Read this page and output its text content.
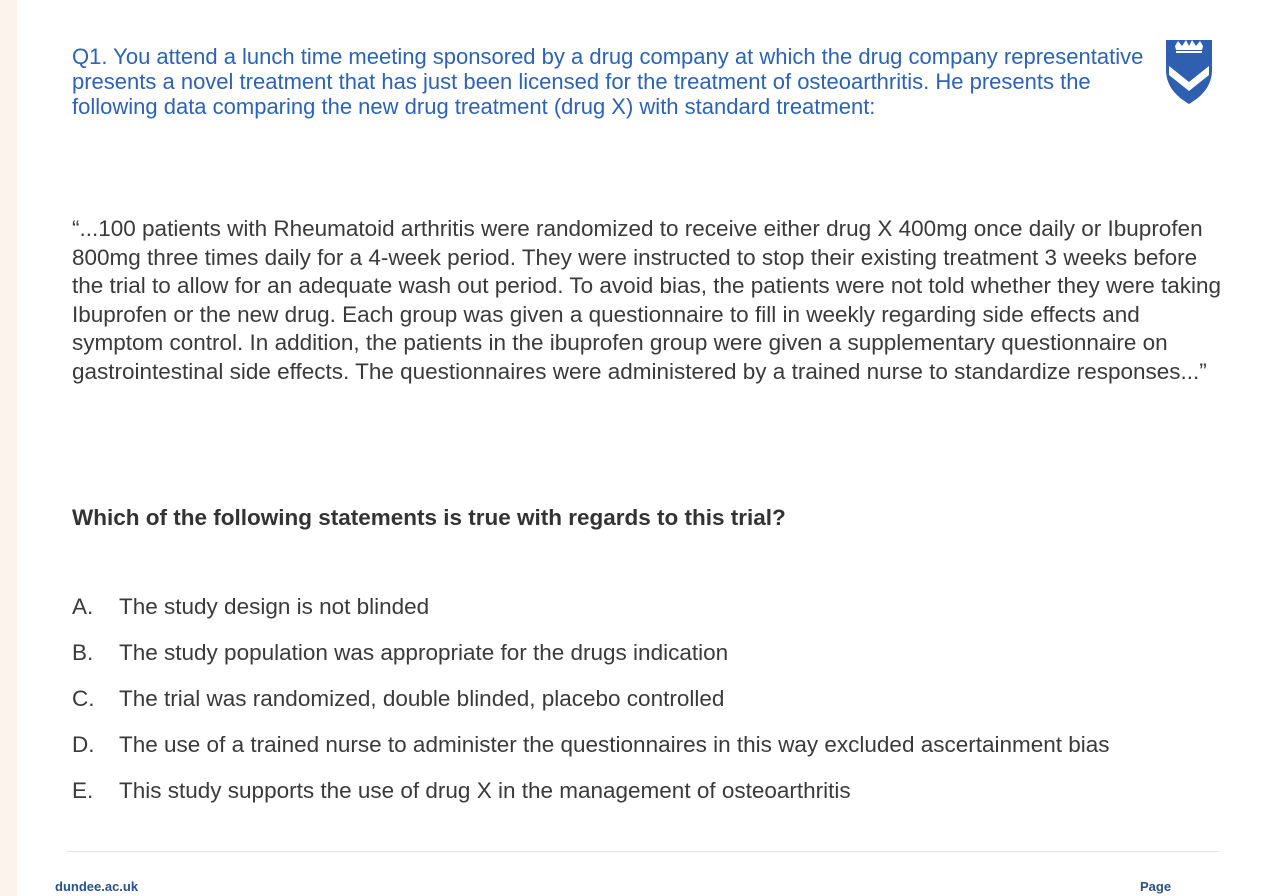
Q1. You attend a lunch time meeting sponsored by a drug company at which the drug company representative presents a novel treatment that has just been licensed for the treatment of osteoarthritis. He presents the following data comparing the new drug treatment (drug X) with standard treatment:
“...100 patients with Rheumatoid arthritis were randomized to receive either drug X 400mg once daily or Ibuprofen 800mg three times daily for a 4-week period. They were instructed to stop their existing treatment 3 weeks before the trial to allow for an adequate wash out period. To avoid bias, the patients were not told whether they were taking Ibuprofen or the new drug. Each group was given a questionnaire to fill in weekly regarding side effects and symptom control. In addition, the patients in the ibuprofen group were given a supplementary questionnaire on gastrointestinal side effects. The questionnaires were administered by a trained nurse to standardize responses...”
Which of the following statements is true with regards to this trial?
A.	The study design is not blinded
B.	The study population was appropriate for the drugs indication
C.	The trial was randomized, double blinded, placebo controlled
D.	The use of a trained nurse to administer the questionnaires in this way excluded ascertainment bias
E.	This study supports the use of drug X in the management of osteoarthritis
dundee.ac.uk	Page
